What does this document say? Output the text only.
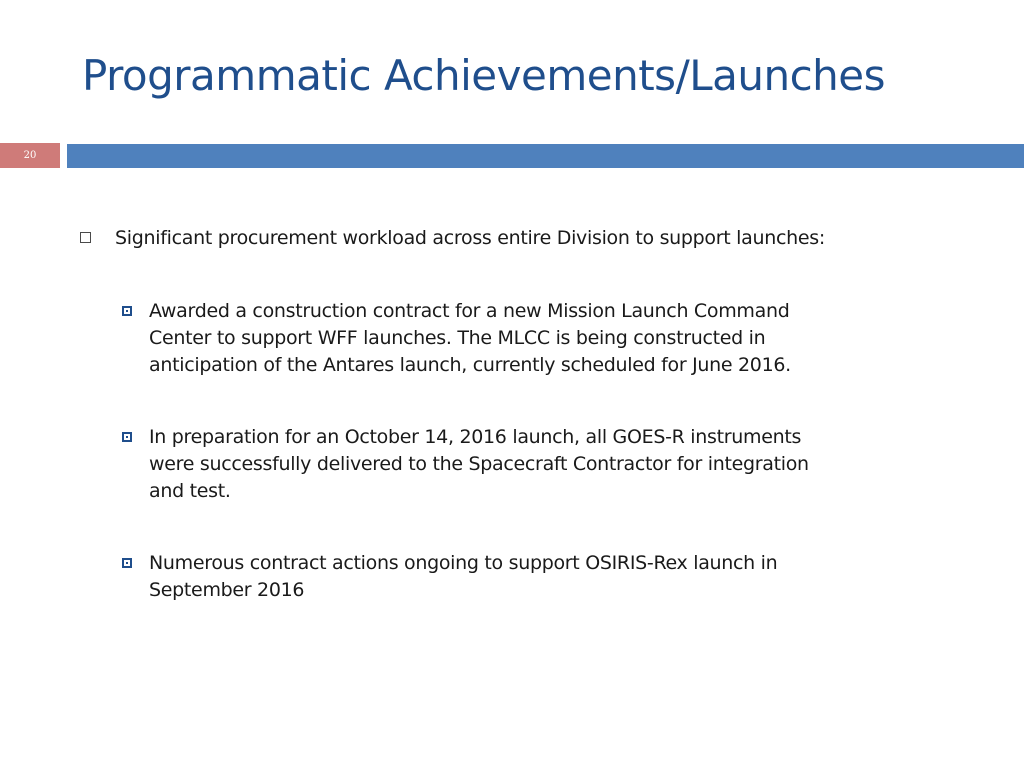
Programmatic Achievements/Launches
20
Significant procurement workload across entire Division to support launches:
Awarded a construction contract for a new Mission Launch Command
Center to support WFF launches. The MLCC is being constructed in
anticipation of the Antares launch, currently scheduled for June 2016.
In preparation for an October 14, 2016 launch, all GOES-R instruments
were successfully delivered to the Spacecraft Contractor for integration
and test.
Numerous contract actions ongoing to support OSIRIS-Rex launch in
September 2016
